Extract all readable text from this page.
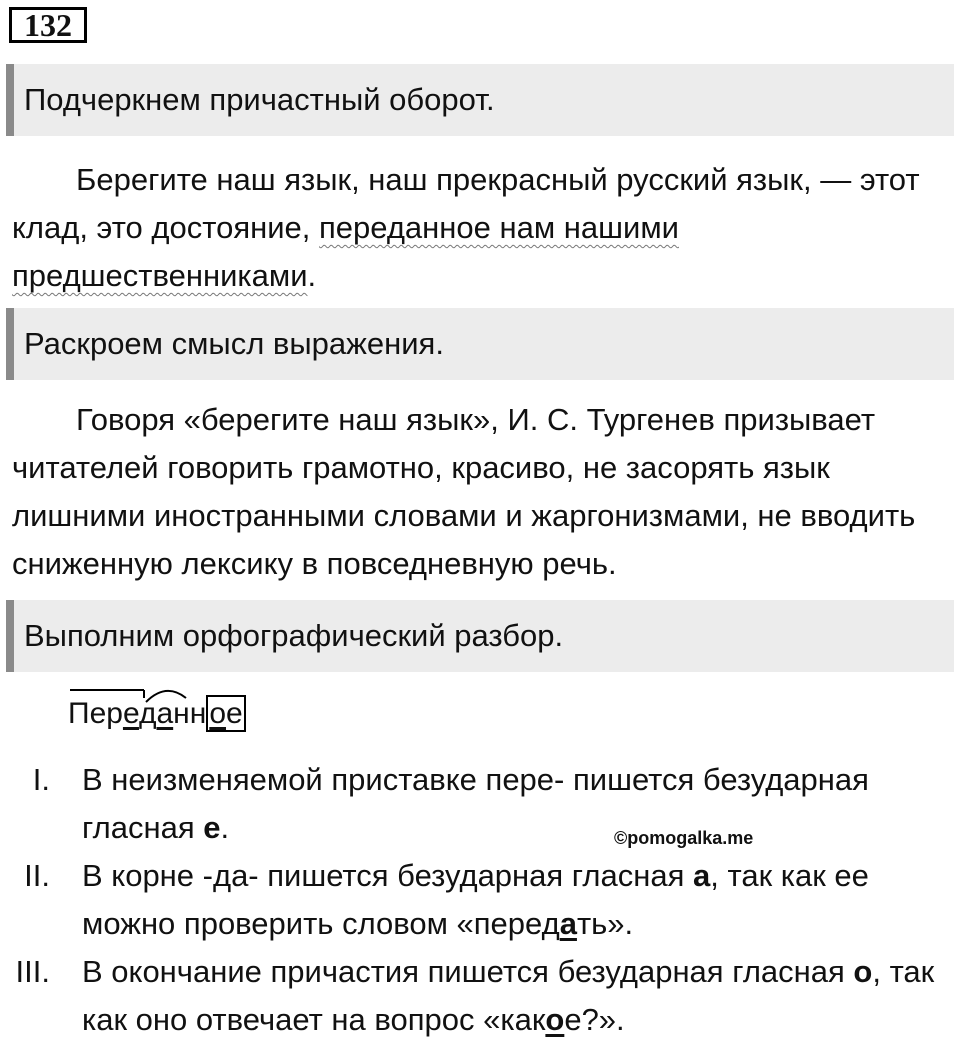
132
Подчеркнем причастный оборот.
Берегите наш язык, наш прекрасный русский язык, — этот клад, это достояние, переданное нам нашими предшественниками.
Раскроем смысл выражения.
Говоря «берегите наш язык», И. С. Тургенев призывает читателей говорить грамотно, красиво, не засорять язык лишними иностранными словами и жаргонизмами, не вводить сниженную лексику в повседневную речь.
Выполним орфографический разбор.
Переданн ое
I. В неизменяемой приставке пере- пишется безударная гласная е.	©pomogalka.me
II. В корне -да- пишется безударная гласная а, так как ее можно проверить словом «передать».
III. В окончание причастия пишется безударная гласная о, так как оно отвечает на вопрос «какое?».
